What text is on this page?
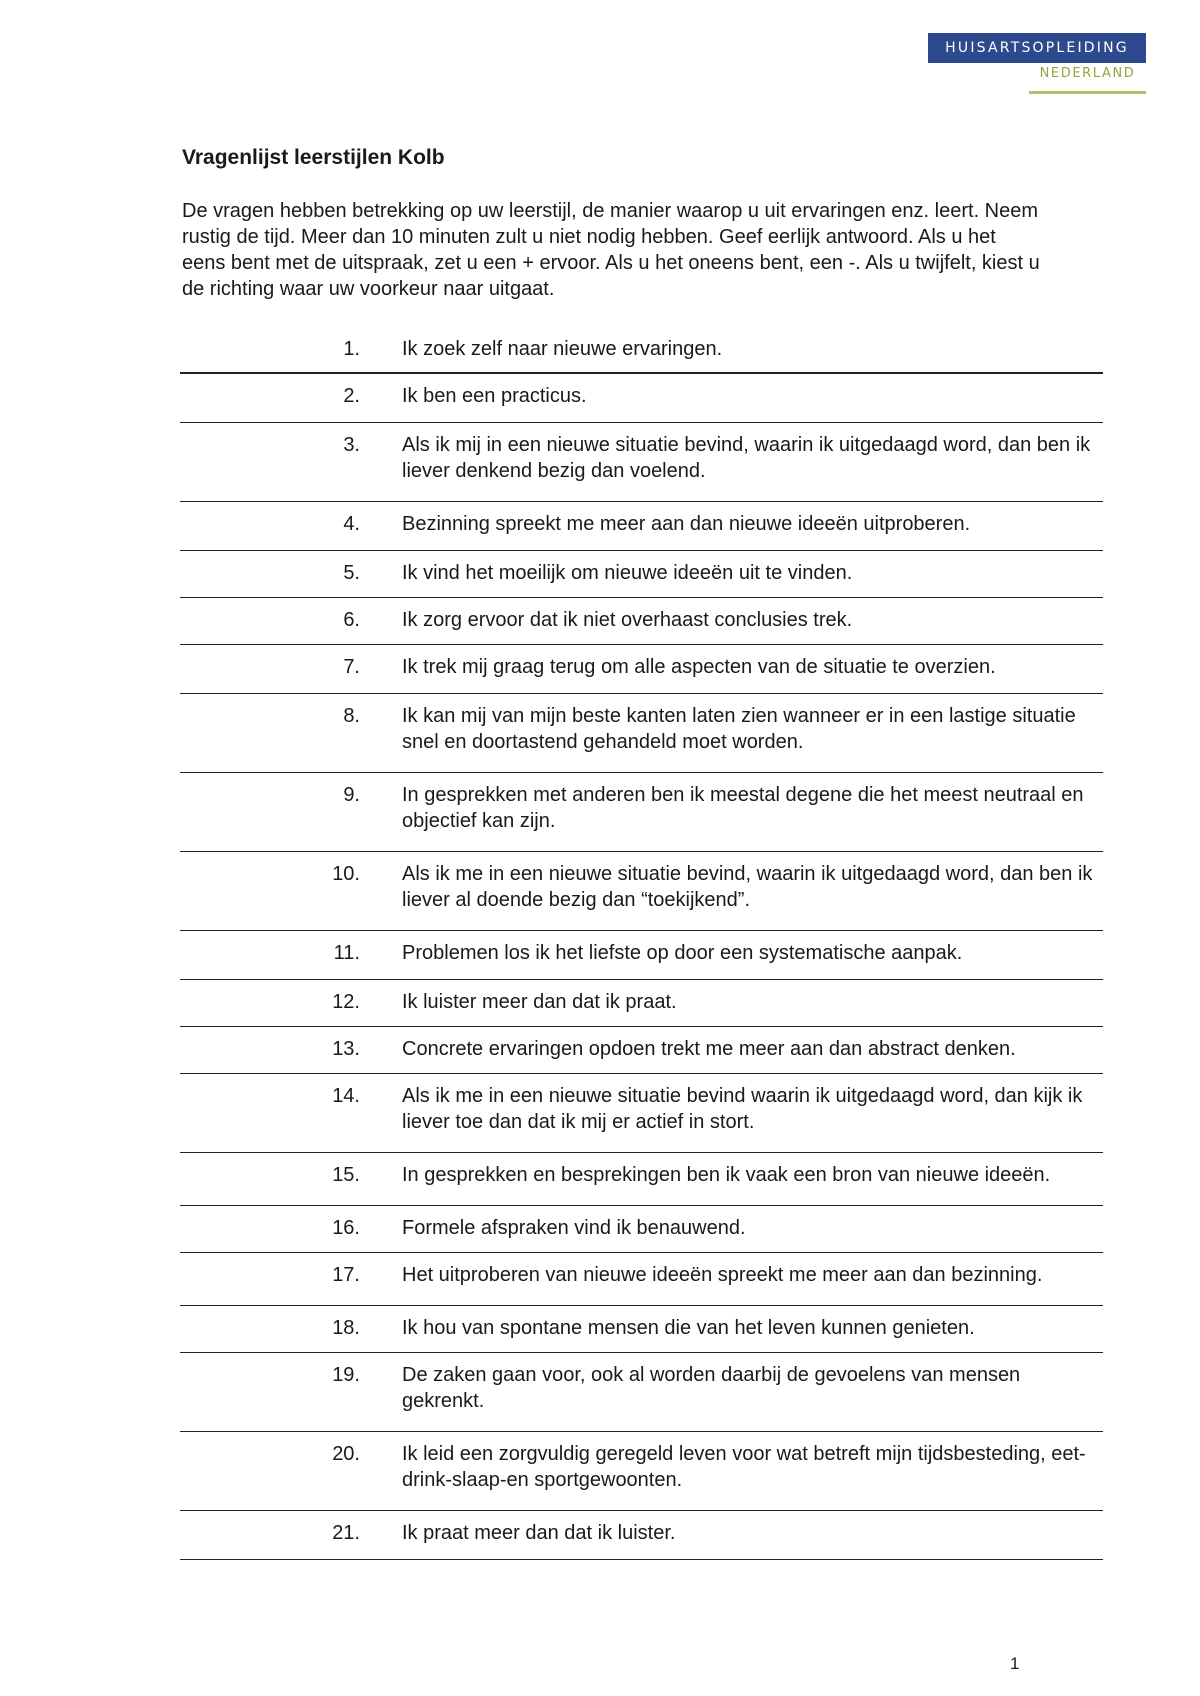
HUISARTSOPLEIDING
NEDERLAND
Vragenlijst leerstijlen Kolb

De vragen hebben betrekking op uw leerstijl, de manier waarop u uit ervaringen enz. leert. Neem rustig de tijd. Meer dan 10 minuten zult u niet nodig hebben. Geef eerlijk antwoord. Als u het eens bent met de uitspraak, zet u een + ervoor. Als u het oneens bent, een -. Als u twijfelt, kiest u de richting waar uw voorkeur naar uitgaat.

1. Ik zoek zelf naar nieuwe ervaringen.
2. Ik ben een practicus.
3. Als ik mij in een nieuwe situatie bevind, waarin ik uitgedaagd word, dan ben ik liever denkend bezig dan voelend.
4. Bezinning spreekt me meer aan dan nieuwe ideeën uitproberen.
5. Ik vind het moeilijk om nieuwe ideeën uit te vinden.
6. Ik zorg ervoor dat ik niet overhaast conclusies trek.
7. Ik trek mij graag terug om alle aspecten van de situatie te overzien.
8. Ik kan mij van mijn beste kanten laten zien wanneer er in een lastige situatie snel en doortastend gehandeld moet worden.
9. In gesprekken met anderen ben ik meestal degene die het meest neutraal en objectief kan zijn.
10. Als ik me in een nieuwe situatie bevind, waarin ik uitgedaagd word, dan ben ik liever al doende bezig dan “toekijkend”.
11. Problemen los ik het liefste op door een systematische aanpak.
12. Ik luister meer dan dat ik praat.
13. Concrete ervaringen opdoen trekt me meer aan dan abstract denken.
14. Als ik me in een nieuwe situatie bevind waarin ik uitgedaagd word, dan kijk ik liever toe dan dat ik mij er actief in stort.
15. In gesprekken en besprekingen ben ik vaak een bron van nieuwe ideeën.
16. Formele afspraken vind ik benauwend.
17. Het uitproberen van nieuwe ideeën spreekt me meer aan dan bezinning.
18. Ik hou van spontane mensen die van het leven kunnen genieten.
19. De zaken gaan voor, ook al worden daarbij de gevoelens van mensen gekrenkt.
20. Ik leid een zorgvuldig geregeld leven voor wat betreft mijn tijdsbesteding, eet-drink-slaap-en sportgewoonten.
21. Ik praat meer dan dat ik luister.
1
